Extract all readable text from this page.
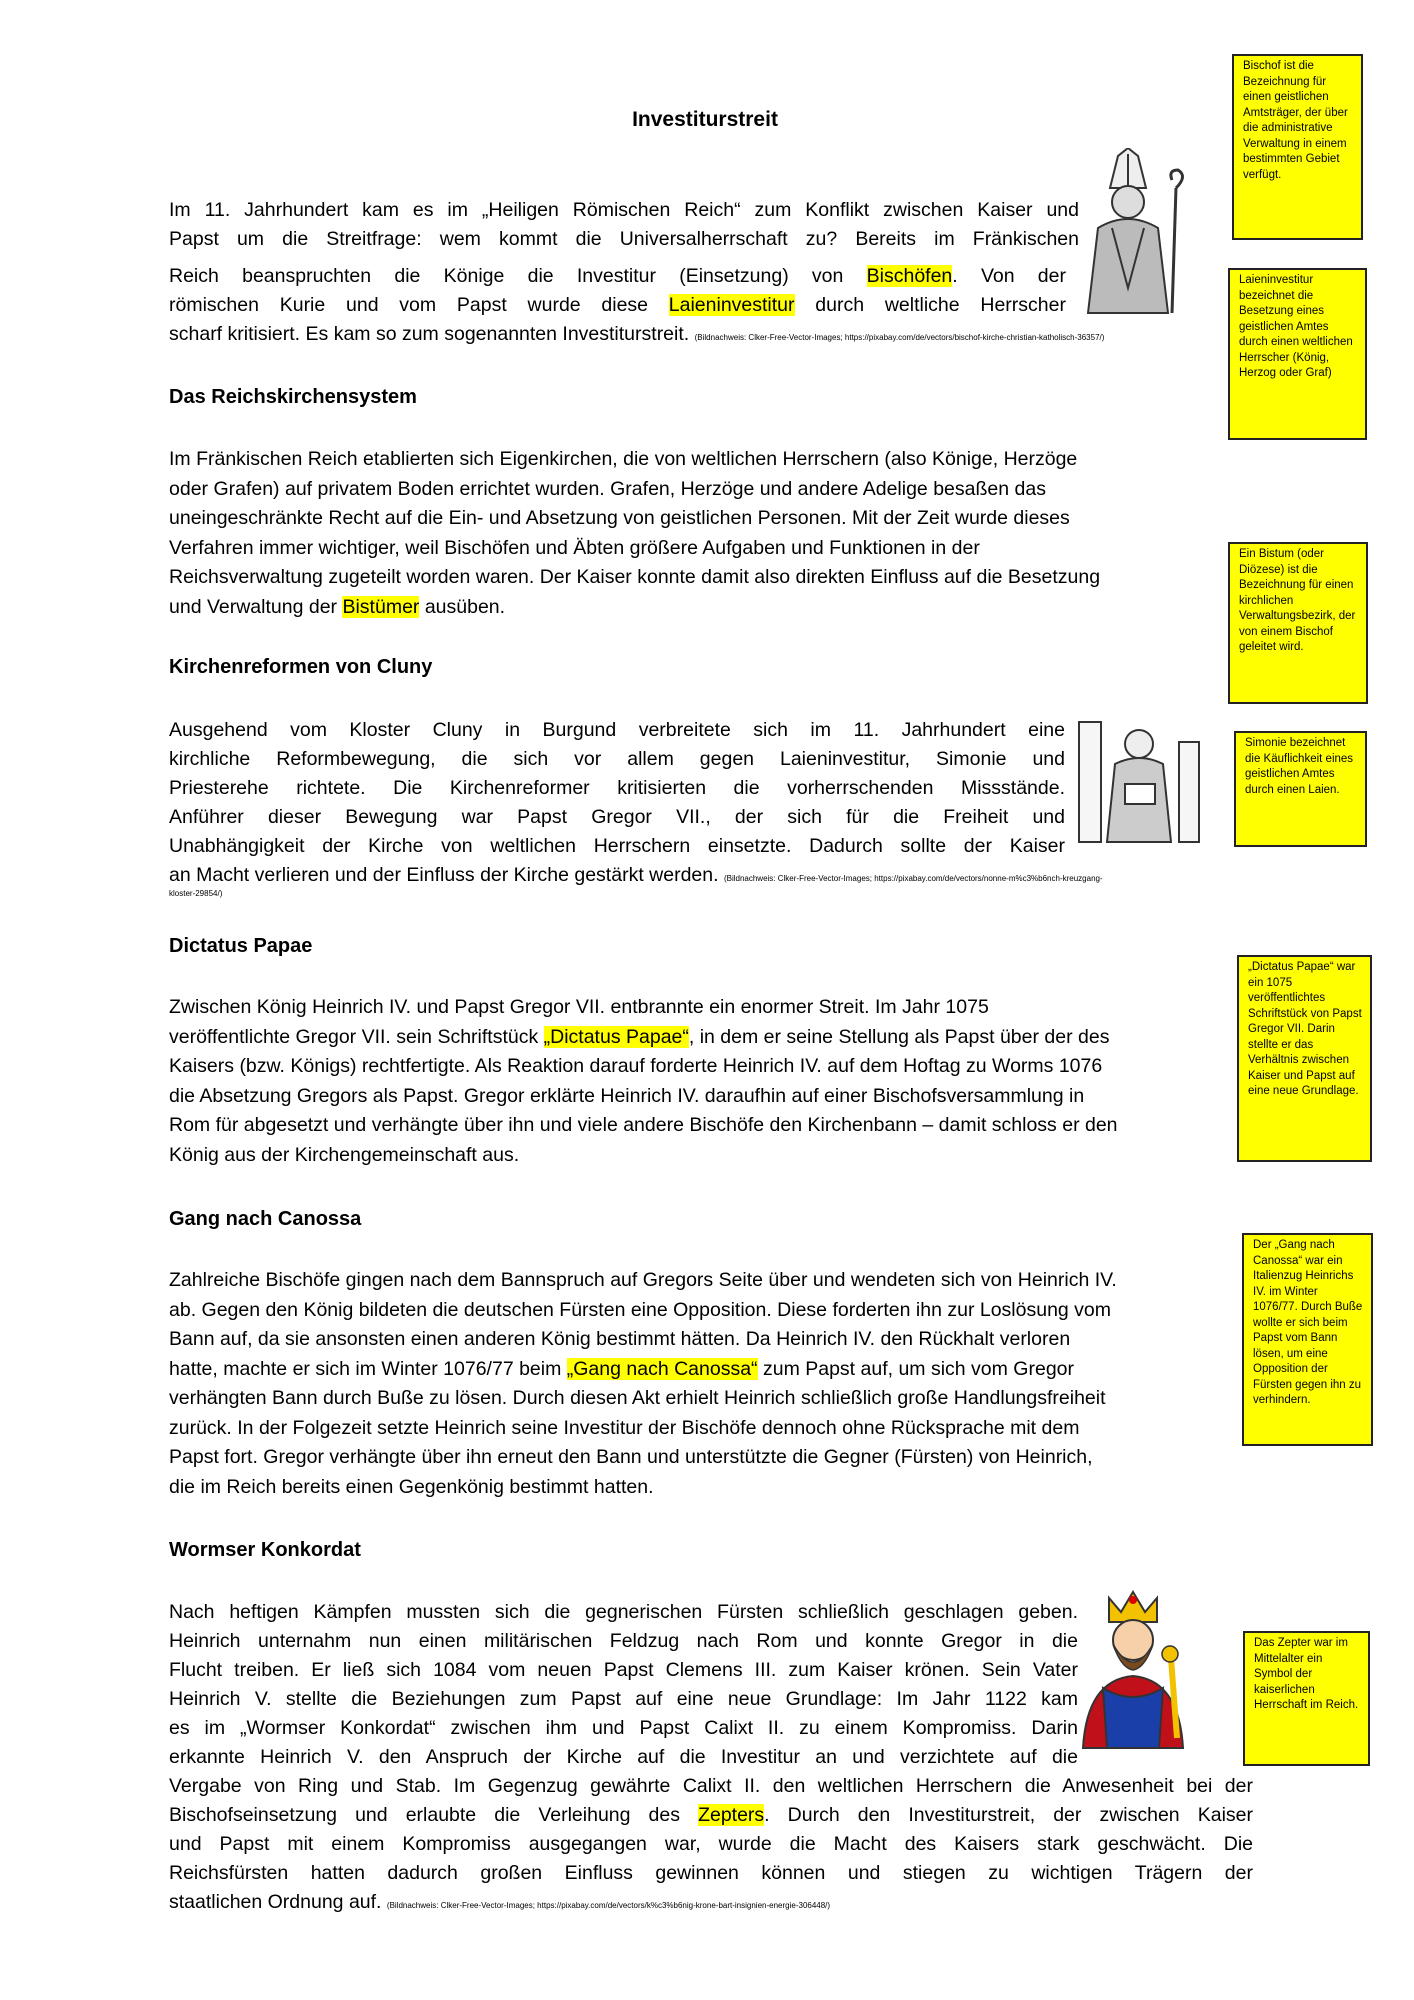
Investiturstreit
Im 11. Jahrhundert kam es im „Heiligen Römischen Reich“ zum Konflikt zwischen Kaiser und
Papst um die Streitfrage: wem kommt die Universalherrschaft zu? Bereits im Fränkischen
Reich beanspruchten die Könige die Investitur (Einsetzung) von Bischöfen. Von der
römischen Kurie und vom Papst wurde diese Laieninvestitur durch weltliche Herrscher
scharf kritisiert. Es kam so zum sogenannten Investiturstreit. (Bildnachweis: Clker-Free-Vector-Images; https://pixabay.com/de/vectors/bischof-kirche-christian-katholisch-36357/)
Das Reichskirchensystem
Im Fränkischen Reich etablierten sich Eigenkirchen, die von weltlichen Herrschern (also Könige, Herzöge
oder Grafen) auf privatem Boden errichtet wurden. Grafen, Herzöge und andere Adelige besaßen das
uneingeschränkte Recht auf die Ein- und Absetzung von geistlichen Personen. Mit der Zeit wurde dieses
Verfahren immer wichtiger, weil Bischöfen und Äbten größere Aufgaben und Funktionen in der
Reichsverwaltung zugeteilt worden waren. Der Kaiser konnte damit also direkten Einfluss auf die Besetzung
und Verwaltung der Bistümer ausüben.
Kirchenreformen von Cluny
Ausgehend vom Kloster Cluny in Burgund verbreitete sich im 11. Jahrhundert eine
kirchliche Reformbewegung, die sich vor allem gegen Laieninvestitur, Simonie und
Priesterehe richtete. Die Kirchenreformer kritisierten die vorherrschenden Missstände.
Anführer dieser Bewegung war Papst Gregor VII., der sich für die Freiheit und
Unabhängigkeit der Kirche von weltlichen Herrschern einsetzte. Dadurch sollte der Kaiser
an Macht verlieren und der Einfluss der Kirche gestärkt werden. (Bildnachweis: Clker-Free-Vector-Images; https://pixabay.com/de/vectors/nonne-m%c3%b6nch-kreuzgang-
kloster-29854/)
Dictatus Papae
Zwischen König Heinrich IV. und Papst Gregor VII. entbrannte ein enormer Streit. Im Jahr 1075
veröffentlichte Gregor VII. sein Schriftstück „Dictatus Papae“, in dem er seine Stellung als Papst über der des
Kaisers (bzw. Königs) rechtfertigte. Als Reaktion darauf forderte Heinrich IV. auf dem Hoftag zu Worms 1076
die Absetzung Gregors als Papst. Gregor erklärte Heinrich IV. daraufhin auf einer Bischofsversammlung in
Rom für abgesetzt und verhängte über ihn und viele andere Bischöfe den Kirchenbann – damit schloss er den
König aus der Kirchengemeinschaft aus.
Gang nach Canossa
Zahlreiche Bischöfe gingen nach dem Bannspruch auf Gregors Seite über und wendeten sich von Heinrich IV.
ab. Gegen den König bildeten die deutschen Fürsten eine Opposition. Diese forderten ihn zur Loslösung vom
Bann auf, da sie ansonsten einen anderen König bestimmt hätten. Da Heinrich IV. den Rückhalt verloren
hatte, machte er sich im Winter 1076/77 beim „Gang nach Canossa“ zum Papst auf, um sich vom Gregor
verhängten Bann durch Buße zu lösen. Durch diesen Akt erhielt Heinrich schließlich große Handlungsfreiheit
zurück. In der Folgezeit setzte Heinrich seine Investitur der Bischöfe dennoch ohne Rücksprache mit dem
Papst fort. Gregor verhängte über ihn erneut den Bann und unterstützte die Gegner (Fürsten) von Heinrich,
die im Reich bereits einen Gegenkönig bestimmt hatten.
Wormser Konkordat
Nach heftigen Kämpfen mussten sich die gegnerischen Fürsten schließlich geschlagen geben.
Heinrich unternahm nun einen militärischen Feldzug nach Rom und konnte Gregor in die
Flucht treiben. Er ließ sich 1084 vom neuen Papst Clemens III. zum Kaiser krönen. Sein Vater
Heinrich V. stellte die Beziehungen zum Papst auf eine neue Grundlage: Im Jahr 1122 kam
es im „Wormser Konkordat“ zwischen ihm und Papst Calixt II. zu einem Kompromiss. Darin
erkannte Heinrich V. den Anspruch der Kirche auf die Investitur an und verzichtete auf die
Vergabe von Ring und Stab. Im Gegenzug gewährte Calixt II. den weltlichen Herrschern die Anwesenheit bei der
Bischofseinsetzung und erlaubte die Verleihung des Zepters. Durch den Investiturstreit, der zwischen Kaiser
und Papst mit einem Kompromiss ausgegangen war, wurde die Macht des Kaisers stark geschwächt. Die
Reichsfürsten hatten dadurch großen Einfluss gewinnen können und stiegen zu wichtigen Trägern der
staatlichen Ordnung auf. (Bildnachweis: Clker-Free-Vector-Images; https://pixabay.com/de/vectors/k%c3%b6nig-krone-bart-insignien-energie-306448/)
Bischof ist die Bezeichnung für einen geistlichen Amtsträger, der über die administrative Verwaltung in einem bestimmten Gebiet verfügt.
Laieninvestitur bezeichnet die Besetzung eines geistlichen Amtes durch einen weltlichen Herrscher (König, Herzog oder Graf)
Ein Bistum (oder Diözese) ist die Bezeichnung für einen kirchlichen Verwaltungsbezirk, der von einem Bischof geleitet wird.
Simonie bezeichnet die Käuflichkeit eines geistlichen Amtes durch einen Laien.
„Dictatus Papae“ war ein 1075 veröffentlichtes Schriftstück von Papst Gregor VII. Darin stellte er das Verhältnis zwischen Kaiser und Papst auf eine neue Grundlage.
Der „Gang nach Canossa“ war ein Italienzug Heinrichs IV. im Winter 1076/77. Durch Buße wollte er sich beim Papst vom Bann lösen, um eine Opposition der Fürsten gegen ihn zu verhindern.
Das Zepter war im Mittelalter ein Symbol der kaiserlichen Herrschaft im Reich.
